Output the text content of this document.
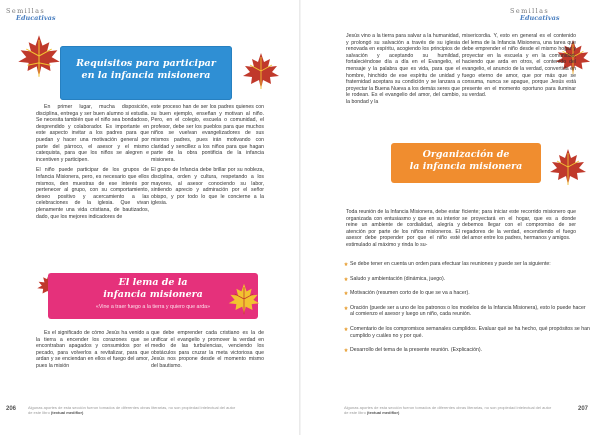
Semillas
Educativas
Requisitos para participar
en la infancia misionera

En primer lugar, mucha disposición, disciplina, entrega y ser buen alumno si estudia. Se necesita también que el niño sea bondadoso, desprendido y colaborador. Es importante en este aspecto invitar a los padres para que puedan y hacer una motivación general por parte del párroco, el asesor y el mismo catequista, para que los niños se alegren e incentiven y participen.

El niño puede participar de los grupos de Infancia Misionera, pero, es necesario que ellos mismos, den muestras de ese interés por pertenecer al grupo, con su comportamiento, deseo positivo y acercamiento a las celebraciones de la iglesia. Que vivan plenamente una vida cristiana, de bautizados, dado, que los mejores indicadores de

este proceso han de ser los padres quienes con su buen ejemplo, enseñan y motivan al niño. Pero, en el colegio, escuela o comunidad, el profesor, debe ser los pueblos para que muchos niños se vuelvan evangelizadores de sus mismos padres, pues irán motivando con claridad y sencillez a los niños para que hagan parte de la obra pontificia de la infancia misionera.

El grupo de Infancia debe brillar por su nobleza, disciplina, orden y cultura, respetando a los mayores, al asesor conociendo su labor, sintiendo aprecio y admiración por el señor obispo, y por todo lo que le concierne a la iglesia.

El lema de la
infancia misionera
«Vine a traer fuego a la tierra y quiero que arda»
Es el significado de cómo Jesús ha venido a la tierra a encender los corazones que se encontraban apagados y consumidos por el pecado, para volverlos a revitalizar, para que ardan y se enciendan en ellos el fuego del amor, pues la misión
que debe emprender cada cristiano es la de unificar el evangelio y promover la verdad en medio de las turbulencias, venciendo los obstáculos para cruzar la meta victoriosa que Jesús nos propone desde el momento mismo del bautismo.
206	Algunas aportes de esta sección fueron tomados de diferentes obras literarias, no son propiedad intelectual del autor de este libro (textual mediflor)
Semillas
Educativas
Jesús vino a la tierra para salvar a la humanidad, y prolongó su salvación a través de su iglesia renovada en espíritu, acogiendo los principios de salvación y aceptando su humildad, fortaleciéndose día a día en el Evangelio, el mensaje y la palabra que es vida, para que el hombre, hinchido de ese espíritu de unidad y fraternidad aceptara su condición y se lanzara a proyectar la Buena Nueva a los demás seres que le rodean. Es el evangelio del amor, del cambio, la bondad y la
misericordia. Y, esto en general es el contenido del lema de la Infancia Misionera, una tarea que debe emprender el niño desde el mismo hogar y proyectar en la escuela y en la comunidad, haciendo que arda en otros, el contenido del evangelio, el anuncio de la verdad, convertida en fuego eterno de amor, que por más que se consuma, nunca se apague, porque Jesús está presente en el momento oportuno para iluminar su verdad.
Organización de
la infancia misionera
Toda reunión de la Infancia Misionera, debe estar organizada con entusiasmo y que en su interior reine un ambiente de cordialidad, alegría y atención por parte de los niños misioneros. El asesor debe propender por que el niño esté estimulado al máximo y rinda lo su-
ficiente; para iniciar este recorrido misionero que se proyectará en el hogar, que es a donde debemos llegar con el compromiso de ser regadores de la verdad, encendiendo el fuego del amor entre los padres, hermanos y amigos.
Se debe tener en cuenta un orden para efectuar las reuniones y puede ser la siguiente:
Saludo y ambientación (dinámica, juego).
Motivación (resumen corto de lo que se va a hacer).
Oración (puede ser a uno de los patronos o los modelos de la Infancia Misionera), esto lo puede hacer al comienzo el asesor y luego un niño, cada reunión.
Comentario de los compromisos semanales cumplidos. Evaluar qué se ha hecho, qué propósitos se han cumplido y cuáles no y por qué.
Desarrollo del tema de la presente reunión. (Explicación).
Algunas aportes de esta sección fueron tomados de diferentes obras literarias, no son propiedad intelectual del autor de este libro (textual mediflor)
207
